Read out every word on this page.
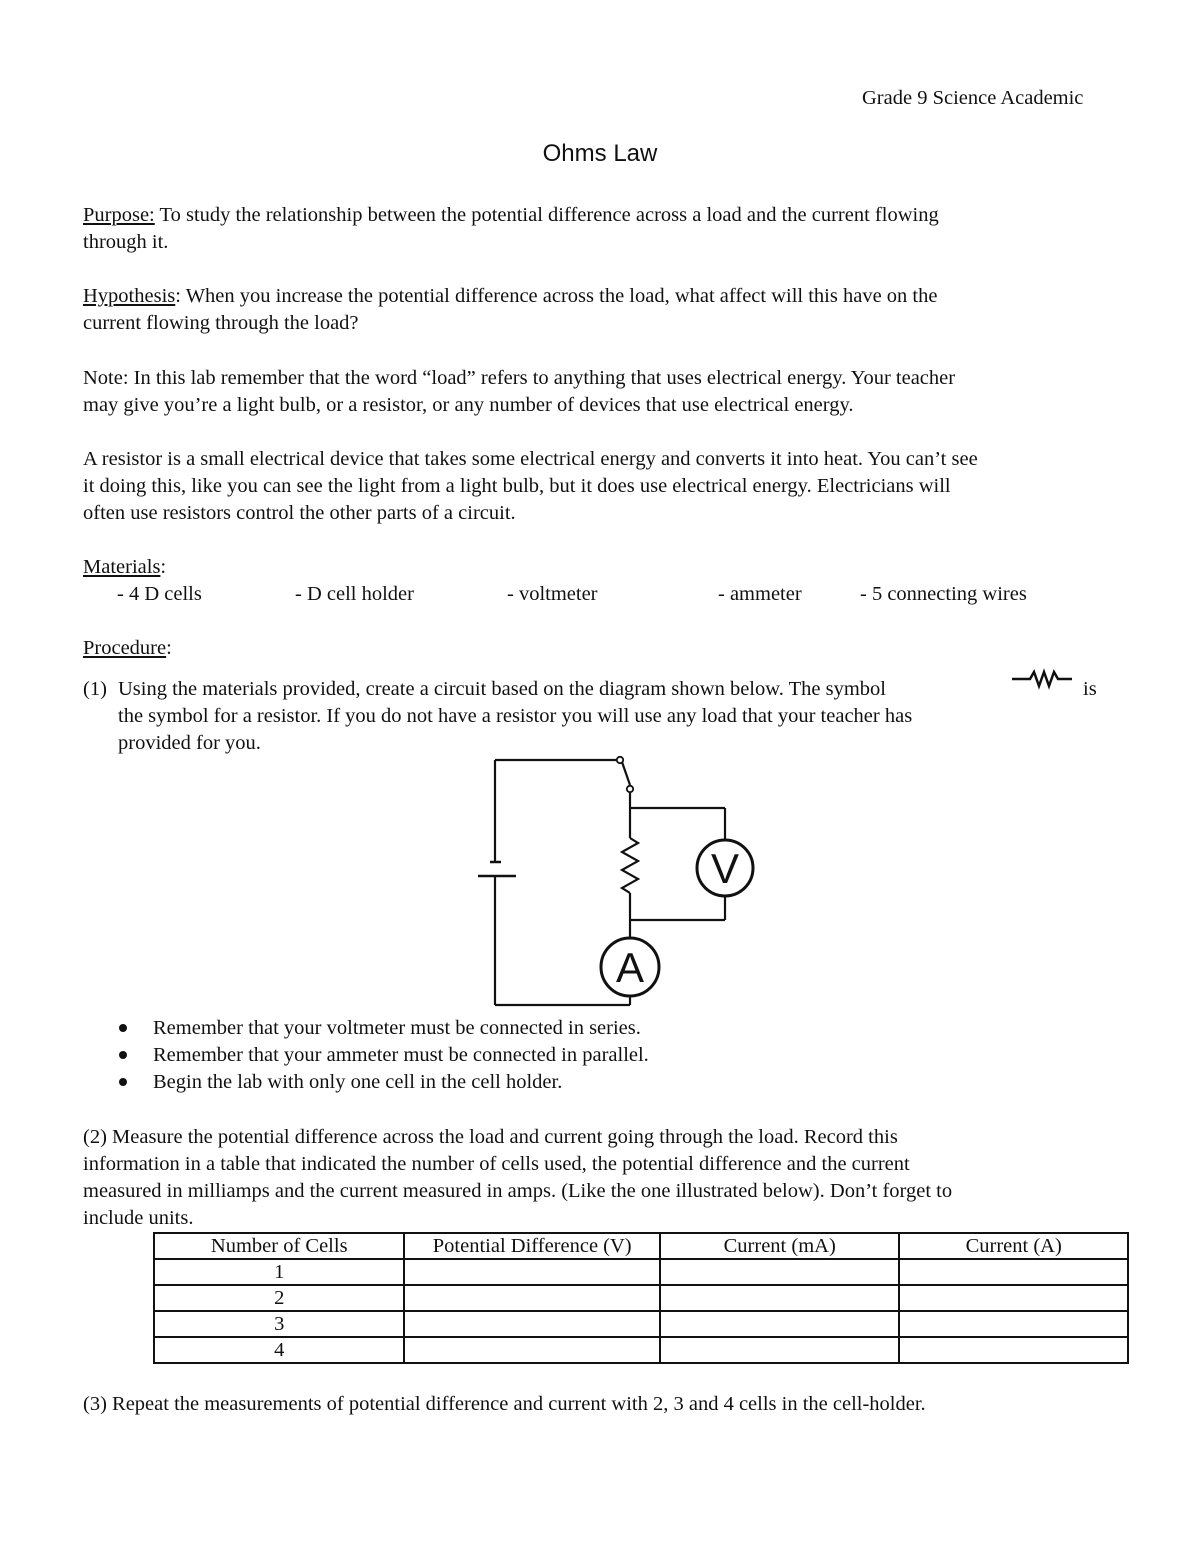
Grade 9 Science Academic
Ohms Law
Purpose: To study the relationship between the potential difference across a load and the current flowing
through it.
Hypothesis: When you increase the potential difference across the load, what affect will this have on the
current flowing through the load?
Note: In this lab remember that the word “load” refers to anything that uses electrical energy. Your teacher
may give you’re a light bulb, or a resistor, or any number of devices that use electrical energy.
A resistor is a small electrical device that takes some electrical energy and converts it into heat. You can’t see
it doing this, like you can see the light from a light bulb, but it does use electrical energy. Electricians will
often use resistors control the other parts of a circuit.
Materials:
- 4 D cells	- D cell holder	- voltmeter	- ammeter	- 5 connecting wires
Procedure:
(1) Using the materials provided, create a circuit based on the diagram shown below. The symbol	is
the symbol for a resistor. If you do not have a resistor you will use any load that your teacher has
provided for you.
V
A
Remember that your voltmeter must be connected in series.
Remember that your ammeter must be connected in parallel.
Begin the lab with only one cell in the cell holder.
(2) Measure the potential difference across the load and current going through the load. Record this
information in a table that indicated the number of cells used, the potential difference and the current
measured in milliamps and the current measured in amps. (Like the one illustrated below). Don’t forget to
include units.
Number of Cells	Potential Difference (V)	Current (mA)	Current (A)
1			
2			
3			
4			
(3) Repeat the measurements of potential difference and current with 2, 3 and 4 cells in the cell-holder.
